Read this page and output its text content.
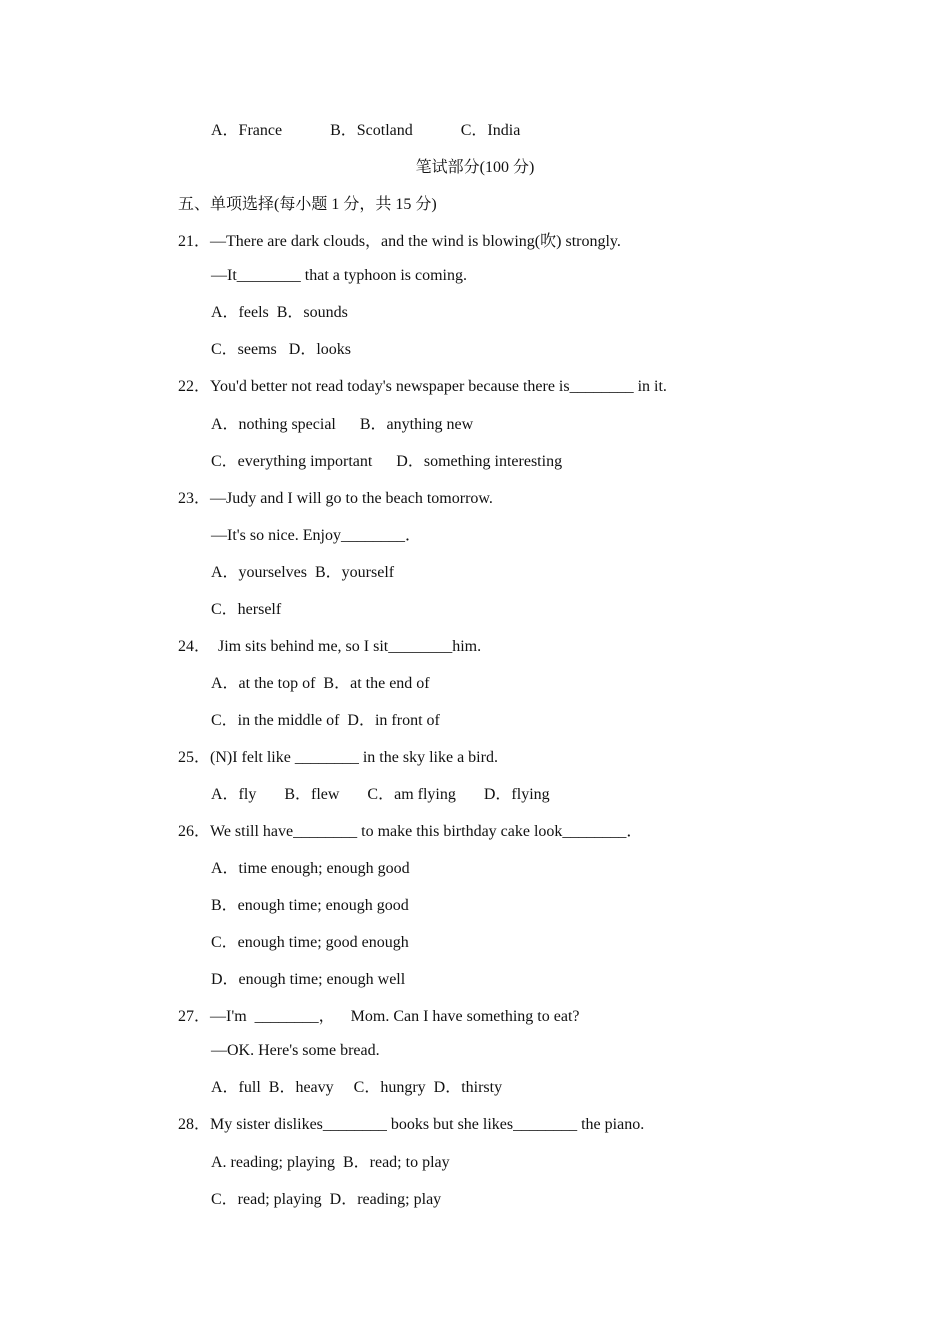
A．France            B．Scotland            C．India
笔试部分(100 分)
五、单项选择(每小题 1 分，共 15 分)
21．—There are dark clouds，and the wind is blowing(吹) strongly.
—It________ that a typhoon is coming.
A．feels  B．sounds
C．seems   D．looks
22．You'd better not read today's newspaper because there is________ in it.
A．nothing special      B．anything new
C．everything important      D．something interesting
23．—Judy and I will go to the beach tomorrow.
—It's so nice. Enjoy________．
A．yourselves  B．yourself
C．herself
24．  Jim sits behind me, so I sit________him.
A．at the top of  B．at the end of
C．in the middle of  D．in front of
25．(N)I felt like ________ in the sky like a bird.
A．fly       B．flew       C．am flying       D．flying
26．We still have________ to make this birthday cake look________．
A．time enough; enough good
B．enough time; enough good
C．enough time; good enough
D．enough time; enough well
27．—I'm  ________，    Mom. Can I have something to eat?
—OK. Here's some bread.
A．full  B．heavy     C．hungry  D．thirsty
28．My sister dislikes________ books but she likes________ the piano.
A. reading; playing  B．read; to play
C．read; playing  D．reading; play
